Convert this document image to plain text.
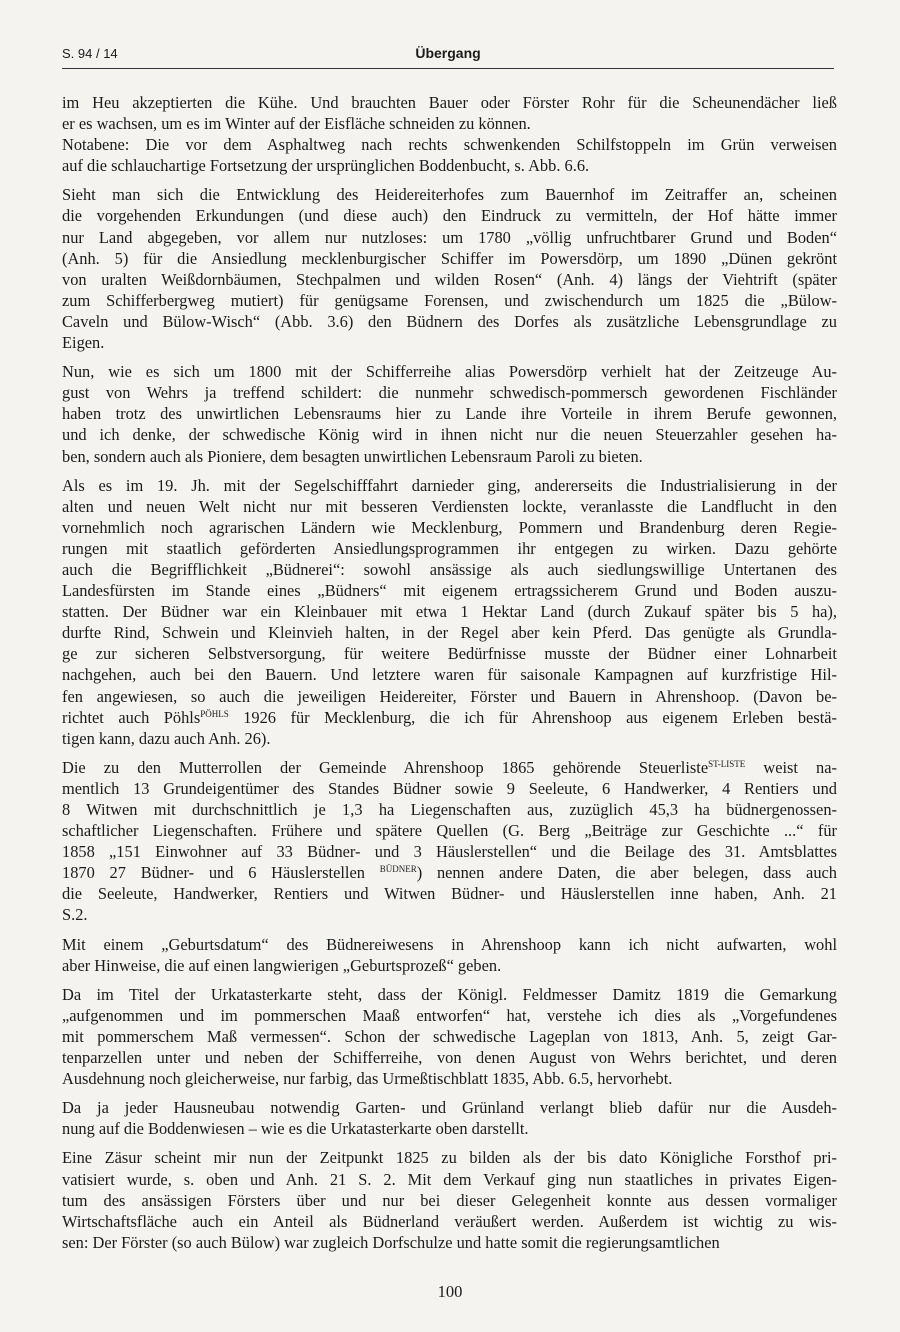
S. 94 / 14	Übergang

im Heu akzeptierten die Kühe. Und brauchten Bauer oder Förster Rohr für die Scheunendächer ließ
er es wachsen, um es im Winter auf der Eisfläche schneiden zu können.

Notabene: Die vor dem Asphaltweg nach rechts schwenkenden Schilfstoppeln im Grün verweisen
auf die schlauchartige Fortsetzung der ursprünglichen Boddenbucht, s. Abb. 6.6.

Sieht man sich die Entwicklung des Heidereiterhofes zum Bauernhof im Zeitraffer an, scheinen
die vorgehenden Erkundungen (und diese auch) den Eindruck zu vermitteln, der Hof hätte immer
nur Land abgegeben, vor allem nur nutzloses: um 1780 „völlig unfruchtbarer Grund und Boden“
(Anh. 5) für die Ansiedlung mecklenburgischer Schiffer im Powersdörp, um 1890 „Dünen gekrönt
von uralten Weißdornbäumen, Stechpalmen und wilden Rosen“ (Anh. 4) längs der Viehtrift (später
zum Schifferbergweg mutiert) für genügsame Forensen, und zwischendurch um 1825 die „Bülow-
Caveln und Bülow-Wisch“ (Abb. 3.6) den Büdnern des Dorfes als zusätzliche Lebensgrundlage zu
Eigen.

Nun, wie es sich um 1800 mit der Schifferreihe alias Powersdörp verhielt hat der Zeitzeuge Au-
gust von Wehrs ja treffend schildert: die nunmehr schwedisch-pommersch gewordenen Fischländer
haben trotz des unwirtlichen Lebensraums hier zu Lande ihre Vorteile in ihrem Berufe gewonnen,
und ich denke, der schwedische König wird in ihnen nicht nur die neuen Steuerzahler gesehen ha-
ben, sondern auch als Pioniere, dem besagten unwirtlichen Lebensraum Paroli zu bieten.

Als es im 19. Jh. mit der Segelschifffahrt darnieder ging, andererseits die Industrialisierung in der
alten und neuen Welt nicht nur mit besseren Verdiensten lockte, veranlasste die Landflucht in den
vornehmlich noch agrarischen Ländern wie Mecklenburg, Pommern und Brandenburg deren Regie-
rungen mit staatlich geförderten Ansiedlungsprogrammen ihr entgegen zu wirken. Dazu gehörte
auch die Begrifflichkeit „Büdnerei“: sowohl ansässige als auch siedlungswillige Untertanen des
Landesfürsten im Stande eines „Büdners“ mit eigenem ertragssicherem Grund und Boden auszu-
statten. Der Büdner war ein Kleinbauer mit etwa 1 Hektar Land (durch Zukauf später bis 5 ha),
durfte Rind, Schwein und Kleinvieh halten, in der Regel aber kein Pferd. Das genügte als Grundla-
ge zur sicheren Selbstversorgung, für weitere Bedürfnisse musste der Büdner einer Lohnarbeit
nachgehen, auch bei den Bauern. Und letztere waren für saisonale Kampagnen auf kurzfristige Hil-
fen angewiesen, so auch die jeweiligen Heidereiter, Förster und Bauern in Ahrenshoop. (Davon be-
richtet auch Pöhls$^{PÖHLS}$ 1926 für Mecklenburg, die ich für Ahrenshoop aus eigenem Erleben bestä-
tigen kann, dazu auch Anh. 26).

Die zu den Mutterrollen der Gemeinde Ahrenshoop 1865 gehörende Steuerliste$^{ST-LISTE}$ weist na-
mentlich 13 Grundeigentümer des Standes Büdner sowie 9 Seeleute, 6 Handwerker, 4 Rentiers und
8 Witwen mit durchschnittlich je 1,3 ha Liegenschaften aus, zuzüglich 45,3 ha büdnergenossen-
schaftlicher Liegenschaften. Frühere und spätere Quellen (G. Berg „Beiträge zur Geschichte ...“ für
1858 „151 Einwohner auf 33 Büdner- und 3 Häuslerstellen“ und die Beilage des 31. Amtsblattes
1870 27 Büdner- und 6 Häuslerstellen $^{BÜDNER}$) nennen andere Daten, die aber belegen, dass auch
die Seeleute, Handwerker, Rentiers und Witwen Büdner- und Häuslerstellen inne haben, Anh. 21
S.2.

Mit einem „Geburtsdatum“ des Büdnereiwesens in Ahrenshoop kann ich nicht aufwarten, wohl
aber Hinweise, die auf einen langwierigen „Geburtsprozeß“ geben.

Da im Titel der Urkatasterkarte steht, dass der Königl. Feldmesser Damitz 1819 die Gemarkung
„aufgenommen und im pommerschen Maaß entworfen“ hat, verstehe ich dies als „Vorgefundenes
mit pommerschem Maß vermessen“. Schon der schwedische Lageplan von 1813, Anh. 5, zeigt Gar-
tenparzellen unter und neben der Schifferreihe, von denen August von Wehrs berichtet, und deren
Ausdehnung noch gleicherweise, nur farbig, das Urmeßtischblatt 1835, Abb. 6.5, hervorhebt.

Da ja jeder Hausneubau notwendig Garten- und Grünland verlangt blieb dafür nur die Ausdeh-
nung auf die Boddenwiesen – wie es die Urkatasterkarte oben darstellt.

Eine Zäsur scheint mir nun der Zeitpunkt 1825 zu bilden als der bis dato Königliche Forsthof pri-
vatisiert wurde, s. oben und Anh. 21 S. 2. Mit dem Verkauf ging nun staatliches in privates Eigen-
tum des ansässigen Försters über und nur bei dieser Gelegenheit konnte aus dessen vormaliger
Wirtschaftsfläche auch ein Anteil als Büdnerland veräußert werden. Außerdem ist wichtig zu wis-
sen: Der Förster (so auch Bülow) war zugleich Dorfschulze und hatte somit die regierungsamtlichen

100
